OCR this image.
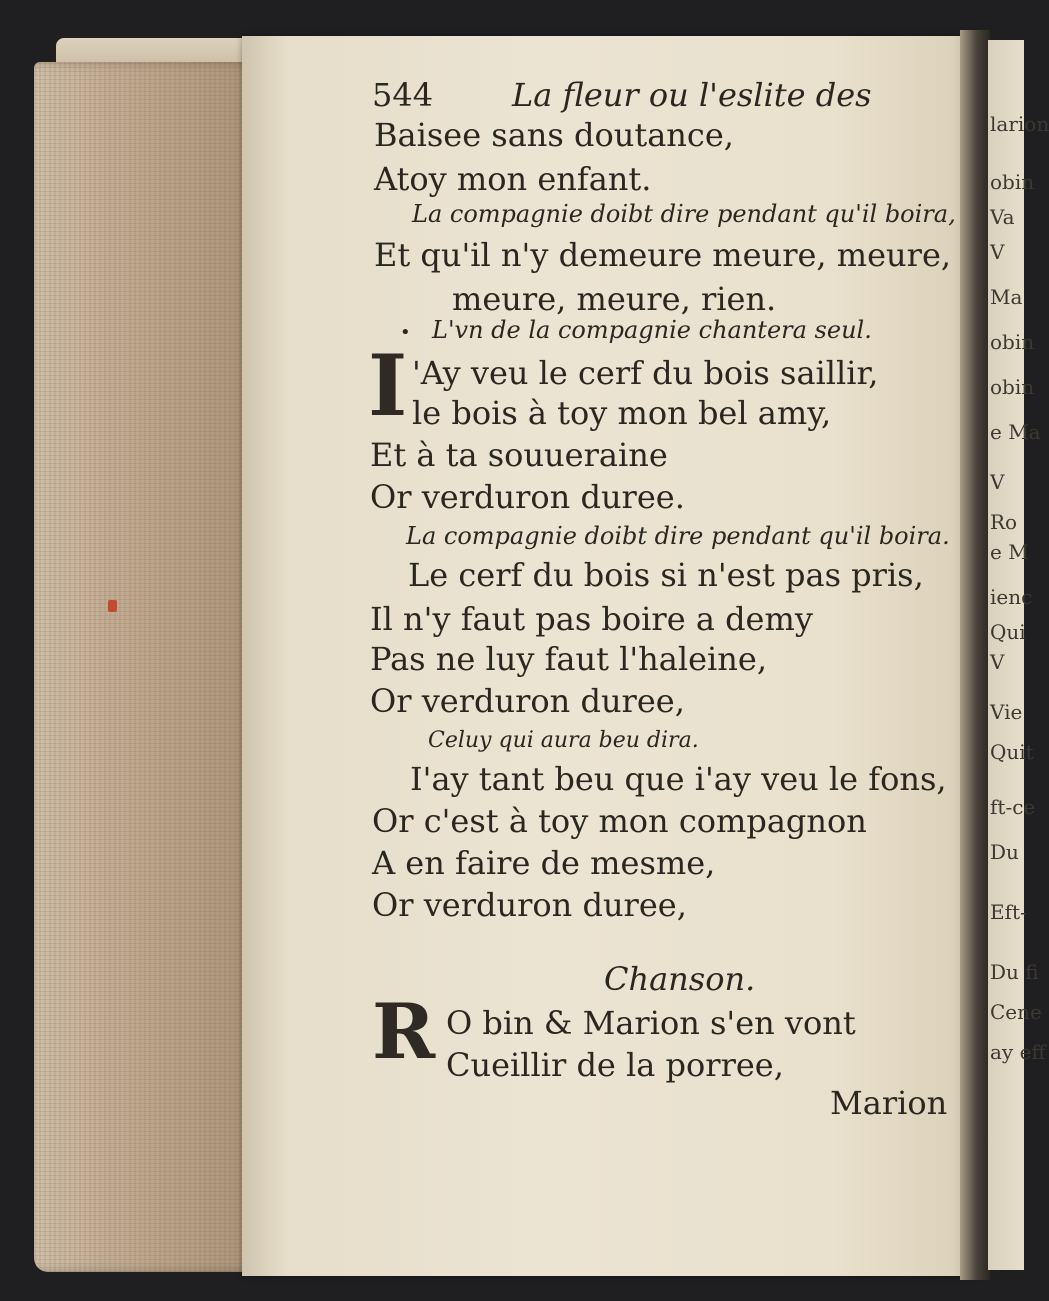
larion
obin
Va
V
Ma
obin
obin
e Ma
V
Ro
e M
ienc
Qui
V
Vie
Quit
ft-ce
Du
Eft-
Du fi
Cene
ay eff
544 La fleur ou l'eslite des
Baisee sans doutance,
Atoy mon enfant.
La compagnie doibt dire pendant qu'il boira,
Et qu'il n'y demeure meure, meure,
meure, meure, rien.
• L'vn de la compagnie chantera seul.
I 'Ay veu le cerf du bois saillir,
le bois à toy mon bel amy,
Et à ta souueraine
Or verduron duree.
La compagnie doibt dire pendant qu'il boira.
Le cerf du bois si n'est pas pris,
Il n'y faut pas boire a demy
Pas ne luy faut l'haleine,
Or verduron duree,
Celuy qui aura beu dira.
I'ay tant beu que i'ay veu le fons,
Or c'est à toy mon compagnon
A en faire de mesme,
Or verduron duree,
Chanson.
R O bin & Marion s'en vont
Cueillir de la porree,
Marion
